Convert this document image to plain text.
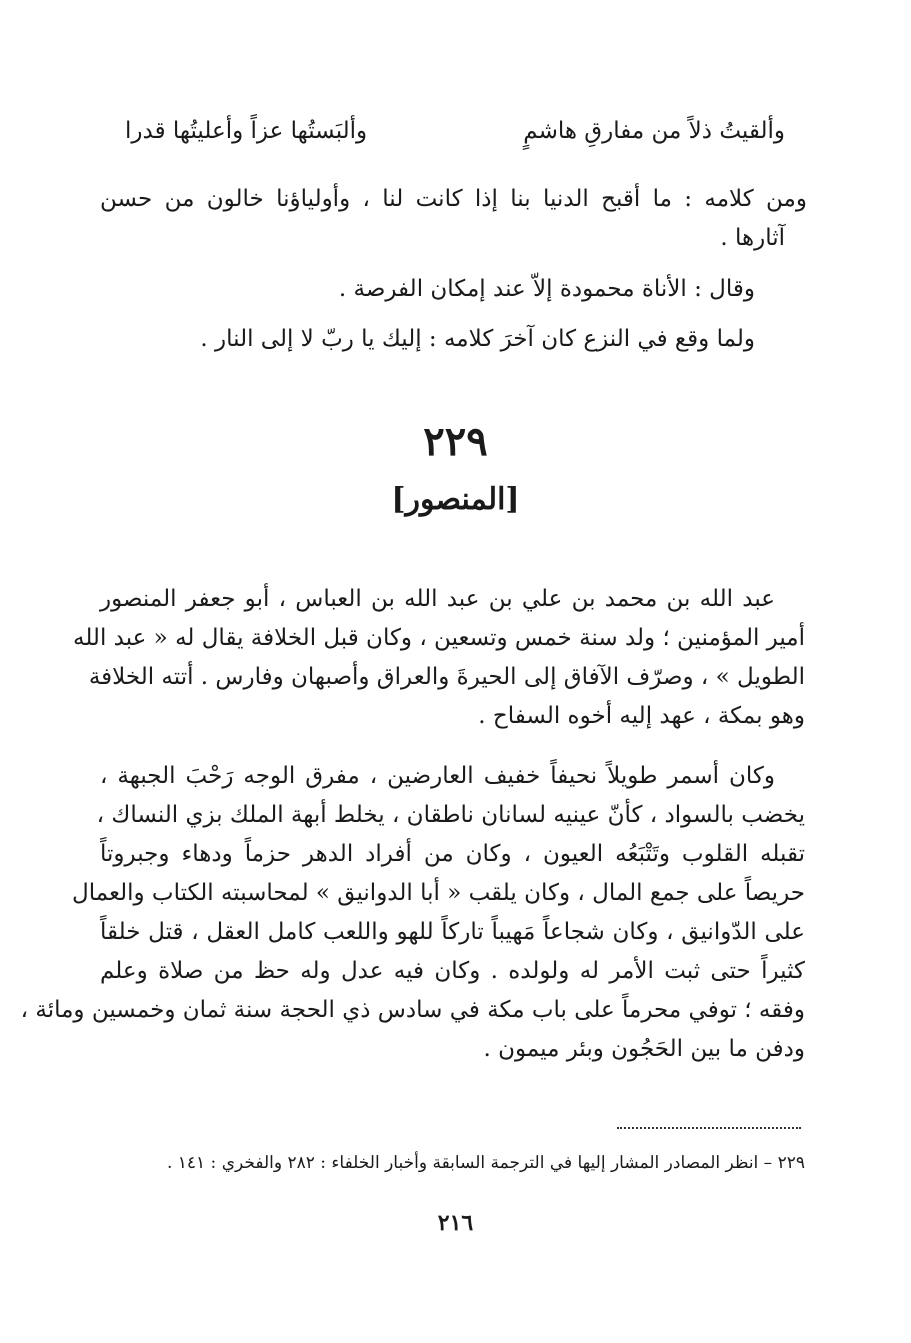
وألقيتُ ذلاً من مفارقِ هاشمٍ
وألبَستُها عزاً وأعليتُها قدرا
ومن كلامه : ما أقبح الدنيا بنا إذا كانت لنا ، وأولياؤنا خالون من حسن
آثارها .
وقال : الأناة محمودة إلاّ عند إمكان الفرصة .
ولما وقع في النزع كان آخرَ كلامه : إليك يا ربّ لا إلى النار .
٢٢٩
[المنصور]
عبد الله بن محمد بن علي بن عبد الله بن العباس ، أبو جعفر المنصور
أمير المؤمنين ؛ ولد سنة خمس وتسعين ، وكان قبل الخلافة يقال له « عبد الله
الطويل » ، وصرّف الآفاق إلى الحيرةَ والعراق وأصبهان وفارس . أتته الخلافة
وهو بمكة ، عهد إليه أخوه السفاح .
وكان أسمر طويلاً نحيفاً خفيف العارضين ، مفرق الوجه رَحْبَ الجبهة ،
يخضب بالسواد ، كأنّ عينيه لسانان ناطقان ، يخلط أبهة الملك بزي النساك ،
تقبله القلوب وتَتْبَعُه العيون ، وكان من أفراد الدهر حزماً ودهاء وجبروتاً
حريصاً على جمع المال ، وكان يلقب « أبا الدوانيق » لمحاسبته الكتاب والعمال
على الدّوانيق ، وكان شجاعاً مَهيباً تاركاً للهو واللعب كامل العقل ، قتل خلقاً
كثيراً حتى ثبت الأمر له ولولده . وكان فيه عدل وله حظ من صلاة وعلم
وفقه ؛ توفي محرماً على باب مكة في سادس ذي الحجة سنة ثمان وخمسين ومائة ،
ودفن ما بين الحَجُون وبئر ميمون .
٢٢٩ – انظر المصادر المشار إليها في الترجمة السابقة وأخبار الخلفاء : ٢٨٢ والفخري : ١٤١ .
٢١٦
